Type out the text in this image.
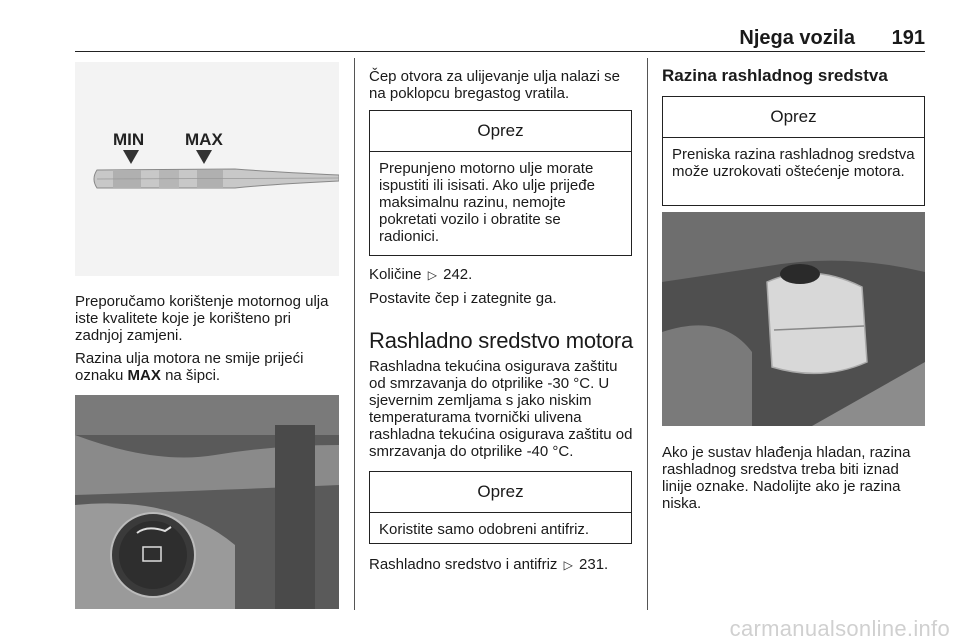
Njega vozila 191
MIN MAX

Preporučamo korištenje motornog ulja iste kvalitete koje je korišteno pri zadnjoj zamjeni.

Razina ulja motora ne smije prijeći oznaku MAX na šipci.

Čep otvora za ulijevanje ulja nalazi se na poklopcu bregastog vratila.

Oprez
Prepunjeno motorno ulje morate ispustiti ili isisati. Ako ulje prijeđe maksimalnu razinu, nemojte pokretati vozilo i obratite se radionici.

Količine ▷ 242.

Postavite čep i zategnite ga.

Rashladno sredstvo motora

Rashladna tekućina osigurava zaštitu od smrzavanja do otprilike -30 °C. U sjevernim zemljama s jako niskim temperaturama tvornički ulivena rashladna tekućina osigurava zaštitu od smrzavanja do otprilike -40 °C.

Oprez
Koristite samo odobreni antifriz.

Rashladno sredstvo i antifriz ▷ 231.

Razina rashladnog sredstva
Oprez
Preniska razina rashladnog sredstva može uzrokovati oštećenje motora.

Ako je sustav hlađenja hladan, razina rashladnog sredstva treba biti iznad linije oznake. Nadolijte ako je razina niska.

carmanualsonline.info
